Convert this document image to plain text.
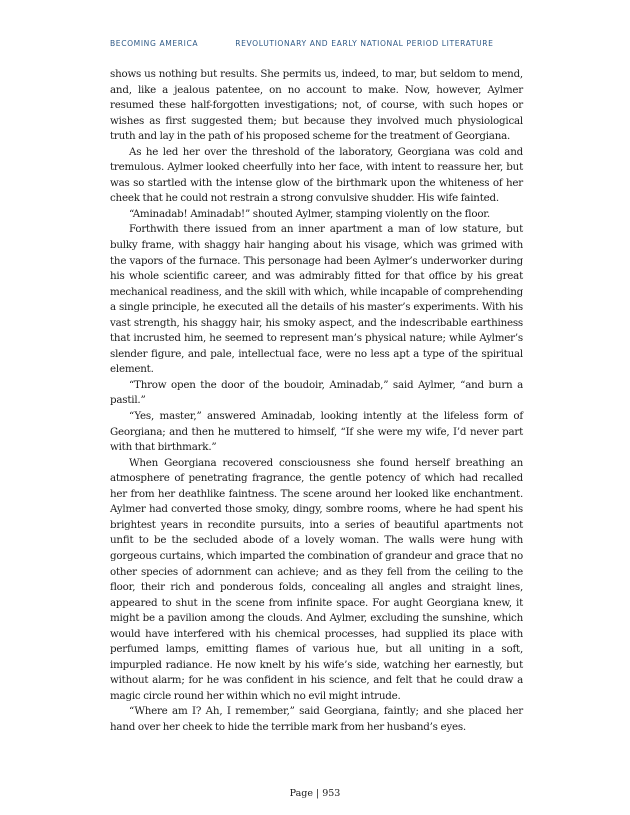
BECOMING AMERICA	REVOLUTIONARY AND EARLY NATIONAL PERIOD LITERATURE

shows us nothing but results. She permits us, indeed, to mar, but seldom to mend, and, like a jealous patentee, on no account to make. Now, however, Aylmer resumed these half-forgotten investigations; not, of course, with such hopes or wishes as first suggested them; but because they involved much physiological truth and lay in the path of his proposed scheme for the treatment of Georgiana.

As he led her over the threshold of the laboratory, Georgiana was cold and tremulous. Aylmer looked cheerfully into her face, with intent to reassure her, but was so startled with the intense glow of the birthmark upon the whiteness of her cheek that he could not restrain a strong convulsive shudder. His wife fainted.

“Aminadab! Aminadab!” shouted Aylmer, stamping violently on the floor.

Forthwith there issued from an inner apartment a man of low stature, but bulky frame, with shaggy hair hanging about his visage, which was grimed with the vapors of the furnace. This personage had been Aylmer’s underworker during his whole scientific career, and was admirably fitted for that office by his great mechanical readiness, and the skill with which, while incapable of comprehending a single principle, he executed all the details of his master’s experiments. With his vast strength, his shaggy hair, his smoky aspect, and the indescribable earthiness that incrusted him, he seemed to represent man’s physical nature; while Aylmer’s slender figure, and pale, intellectual face, were no less apt a type of the spiritual element.

“Throw open the door of the boudoir, Aminadab,” said Aylmer, “and burn a pastil.”

“Yes, master,” answered Aminadab, looking intently at the lifeless form of Georgiana; and then he muttered to himself, “If she were my wife, I’d never part with that birthmark.”

When Georgiana recovered consciousness she found herself breathing an atmosphere of penetrating fragrance, the gentle potency of which had recalled her from her deathlike faintness. The scene around her looked like enchantment. Aylmer had converted those smoky, dingy, sombre rooms, where he had spent his brightest years in recondite pursuits, into a series of beautiful apartments not unfit to be the secluded abode of a lovely woman. The walls were hung with gorgeous curtains, which imparted the combination of grandeur and grace that no other species of adornment can achieve; and as they fell from the ceiling to the floor, their rich and ponderous folds, concealing all angles and straight lines, appeared to shut in the scene from infinite space. For aught Georgiana knew, it might be a pavilion among the clouds. And Aylmer, excluding the sunshine, which would have interfered with his chemical processes, had supplied its place with perfumed lamps, emitting flames of various hue, but all uniting in a soft, impurpled radiance. He now knelt by his wife’s side, watching her earnestly, but without alarm; for he was confident in his science, and felt that he could draw a magic circle round her within which no evil might intrude.

“Where am I? Ah, I remember,” said Georgiana, faintly; and she placed her hand over her cheek to hide the terrible mark from her husband’s eyes.

Page | 953
